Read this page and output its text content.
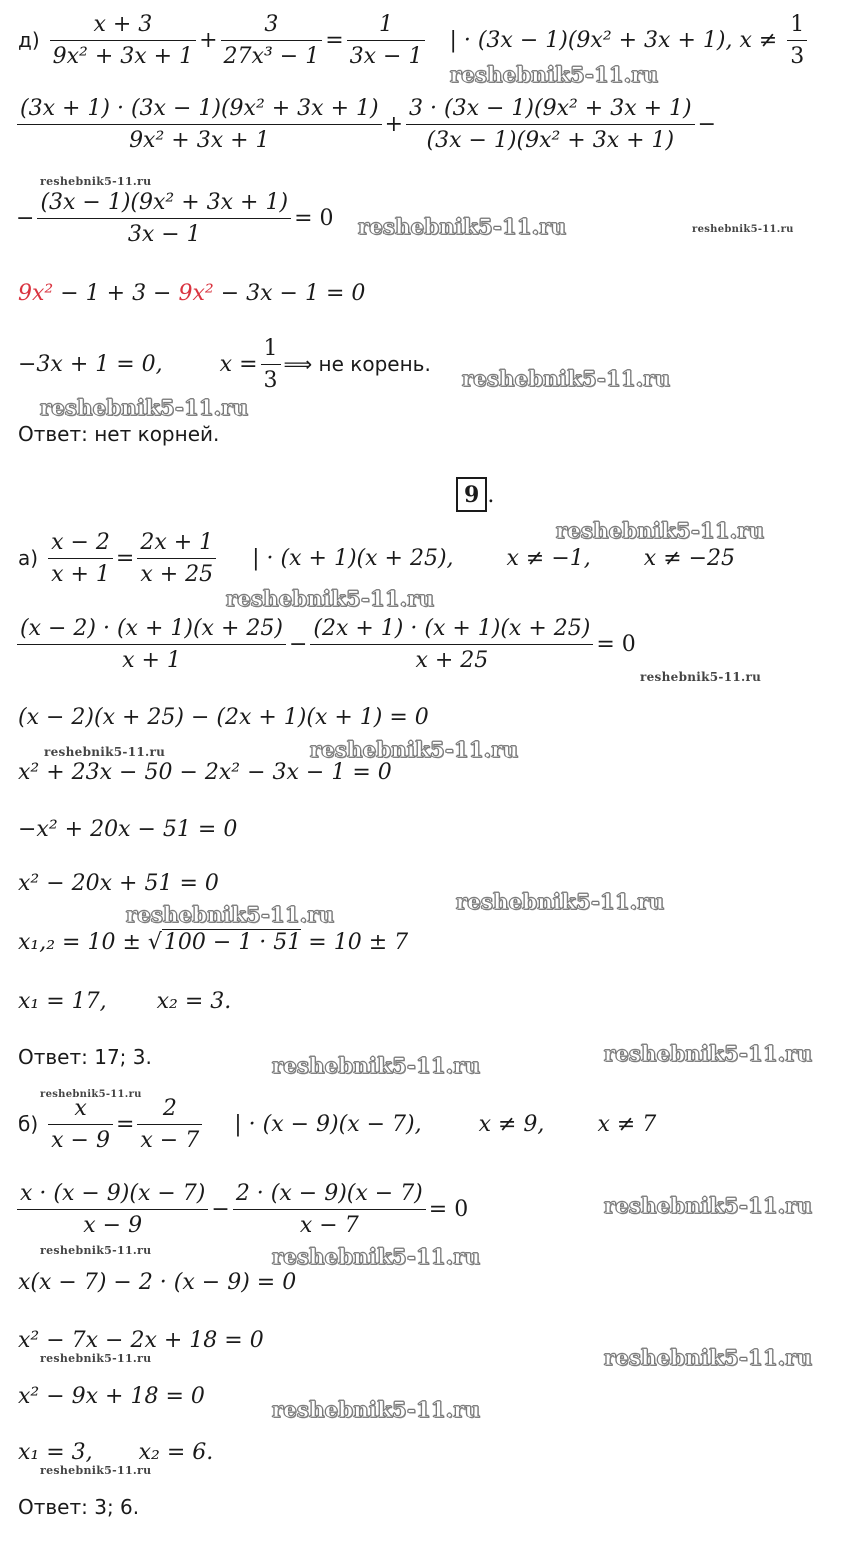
$д) \frac{x + 3}{\text{9x² + 3x + 1}} + \frac{3}{\text{27x³ − 1}} = \frac{1}{3x - 1}$ | · (3x − 1)(9x² + 3x + 1), $x \ne \frac{1}{3}$
$\frac{\text{(3x + 1) · (3x − 1)(9x² + 3x + 1)}}{\text{9x² + 3x + 1}} + \frac{\text{3 · (3x − 1)(9x² + 3x + 1)}}{\text{(3x − 1)(9x² + 3x + 1)}}$ −
− $\frac{\text{(3x − 1)(9x² + 3x + 1)}}{3x - 1} = 0$
9x² − 1 + 3 − 9x² − 3x − 1 = 0
−3x + 1 = 0,	$x = \frac{1}{3}$ ⟹ не корень.
Ответ: нет корней.
9 .
$а) \frac{x - 2}{x + 1} = \frac{2x + 1}{x + 25}$ | · (x + 1)(x + 25), x ≠ −1, x ≠ −25
$\frac{(x - 2) \cdot (x + 1)(x + 25)}{x + 1} - \frac{(2x + 1) \cdot (x + 1)(x + 25)}{x + 25} = 0$
(x − 2)(x + 25) − (2x + 1)(x + 1) = 0
x² + 23x − 50 − 2x² − 3x − 1 = 0
−x² + 20x − 51 = 0
x² − 20x + 51 = 0
x₁,₂ = 10 ± √100 − 1 · 51 = 10 ± 7
x₁ = 17, x₂ = 3.
Ответ: 17; 3.
$б) \frac{x}{x - 9} = \frac{2}{x - 7}$ | · (x − 9)(x − 7),	x ≠ 9, x ≠ 7
$\frac{x \cdot (x - 9)(x - 7)}{x - 9} - \frac{2 \cdot (x - 9)(x - 7)}{x - 7} = 0$
x(x − 7) − 2 · (x − 9) = 0
x² − 7x − 2x + 18 = 0
x² − 9x + 18 = 0
x₁ = 3, x₂ = 6.
Ответ: 3; 6.
reshebnik5-11.ru
reshebnik5-11.ru
reshebnik5-11.ru	reshebnik5-11.ru
reshebnik5-11.ru
reshebnik5-11.ru
reshebnik5-11.ru
reshebnik5-11.ru
reshebnik5-11.ru
reshebnik5-11.ru	reshebnik5-11.ru
reshebnik5-11.ru
reshebnik5-11.ru
reshebnik5-11.ru
reshebnik5-11.ru
reshebnik5-11.ru
reshebnik5-11.ru
reshebnik5-11.ru	reshebnik5-11.ru
reshebnik5-11.ru	reshebnik5-11.ru
reshebnik5-11.ru
reshebnik5-11.ru
